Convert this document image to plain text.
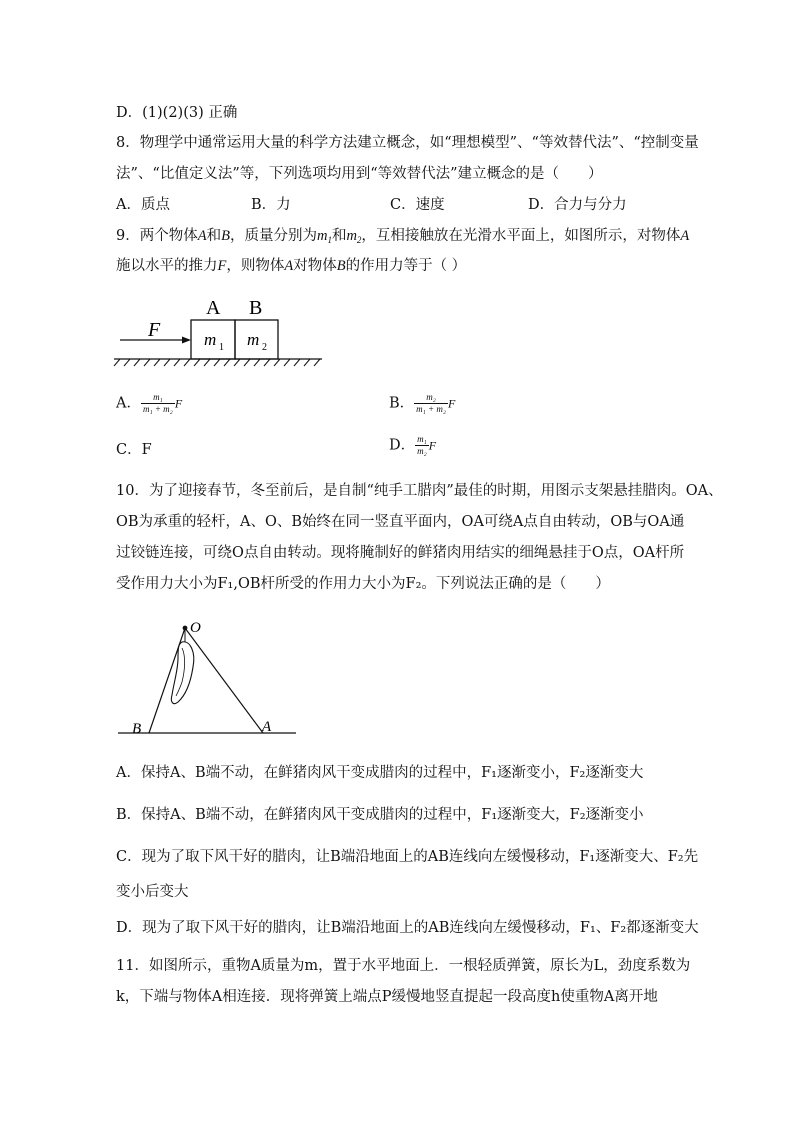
D．(1)(2)(3) 正确
8．物理学中通常运用大量的科学方法建立概念，如“理想模型”、“等效替代法”、“控制变量
法”、“比值定义法”等，下列选项均用到“等效替代法”建立概念的是（　　）
A．质点	B．力	C．速度	D．合力与分力
9．两个物体A和B，质量分别为$m_1$和$m_2$，互相接触放在光滑水平面上，如图所示，对物体A
施以水平的推力F，则物体A对物体B的作用力等于（ ）
F
A B
m 1 m 2
A． $\frac{\text{m₁}}{\text{m₁ + m₂}}$ F	B． $\frac{\text{m₂}}{\text{m₁ + m₂}}$ F
C．F	D． $\frac{\text{m₁}}{\text{m₂}}$ F
10．为了迎接春节，冬至前后，是自制“纯手工腊肉”最佳的时期，用图示支架悬挂腊肉。OA、
OB为承重的轻杆，A、O、B始终在同一竖直平面内，OA可绕A点自由转动，OB与OA通
过铰链连接，可绕O点自由转动。现将腌制好的鲜猪肉用结实的细绳悬挂于O点，OA杆所
受作用力大小为F₁,OB杆所受的作用力大小为F₂。下列说法正确的是（　　）
O
A
B
A．保持A、B端不动，在鲜猪肉风干变成腊肉的过程中，F₁逐渐变小，F₂逐渐变大
B．保持A、B端不动，在鲜猪肉风干变成腊肉的过程中，F₁逐渐变大，F₂逐渐变小
C．现为了取下风干好的腊肉，让B端沿地面上的AB连线向左缓慢移动，F₁逐渐变大、F₂先
变小后变大
D．现为了取下风干好的腊肉，让B端沿地面上的AB连线向左缓慢移动，F₁、F₂都逐渐变大
11．如图所示，重物A质量为m，置于水平地面上．一根轻质弹簧，原长为L，劲度系数为
k，下端与物体A相连接．现将弹簧上端点P缓慢地竖直提起一段高度h使重物A离开地
